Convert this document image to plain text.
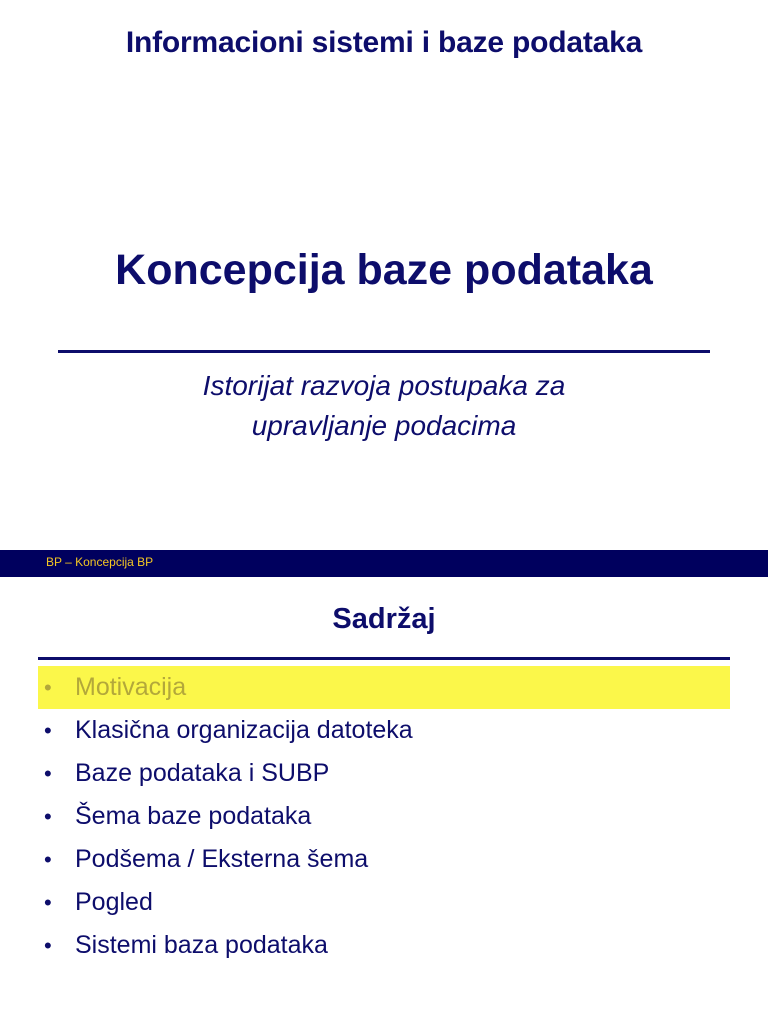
Informacioni sistemi i baze podataka
Koncepcija baze podataka
Istorijat razvoja postupaka za
upravljanje podacima
BP – Koncepcija BP
Sadržaj
• Motivacija
• Klasična organizacija datoteka
• Baze podataka i SUBP
• Šema baze podataka
• Podšema / Eksterna šema
• Pogled
• Sistemi baza podataka
